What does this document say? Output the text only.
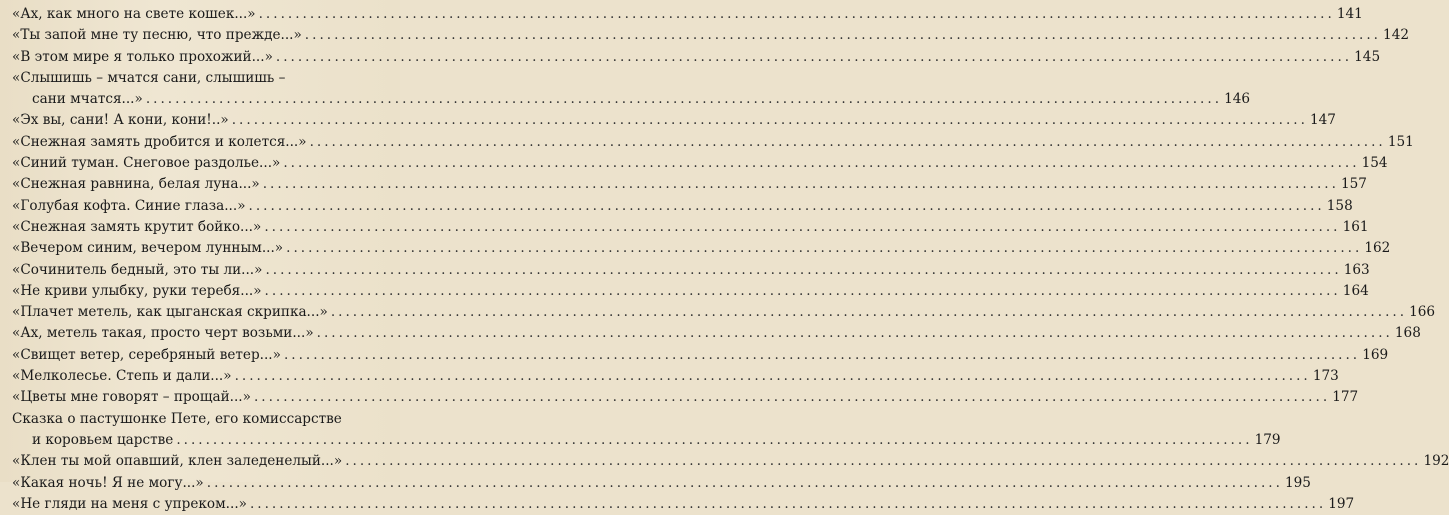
«Ах, как много на свете кошек...» .....	141
«Ты запой мне ту песню, что прежде...» .....	142
«В этом мире я только прохожий...» .....	145
«Слышишь – мчатся сани, слышишь –
сани мчатся...» .....	146
«Эх вы, сани! А кони, кони!..» .....	147
«Снежная замять дробится и колется...» .....	151
«Синий туман. Снеговое раздолье...» .....	154
«Снежная равнина, белая луна...» .....	157
«Голубая кофта. Синие глаза...» .....	158
«Снежная замять крутит бойко...» .....	161
«Вечером синим, вечером лунным...» .....	162
«Сочинитель бедный, это ты ли...» .....	163
«Не криви улыбку, руки теребя...» .....	164
«Плачет метель, как цыганская скрипка...» .....	166
«Ах, метель такая, просто черт возьми...» .....	168
«Свищет ветер, серебряный ветер...» .....	169
«Мелколесье. Степь и дали...» .....	173
«Цветы мне говорят – прощай...» .....	177
Сказка о пастушонке Пете, его комиссарстве
и коровьем царстве .....	179
«Клен ты мой опавший, клен заледенелый...» .....	192
«Какая ночь! Я не могу...» .....	195
«Не гляди на меня с упреком...» .....	197
